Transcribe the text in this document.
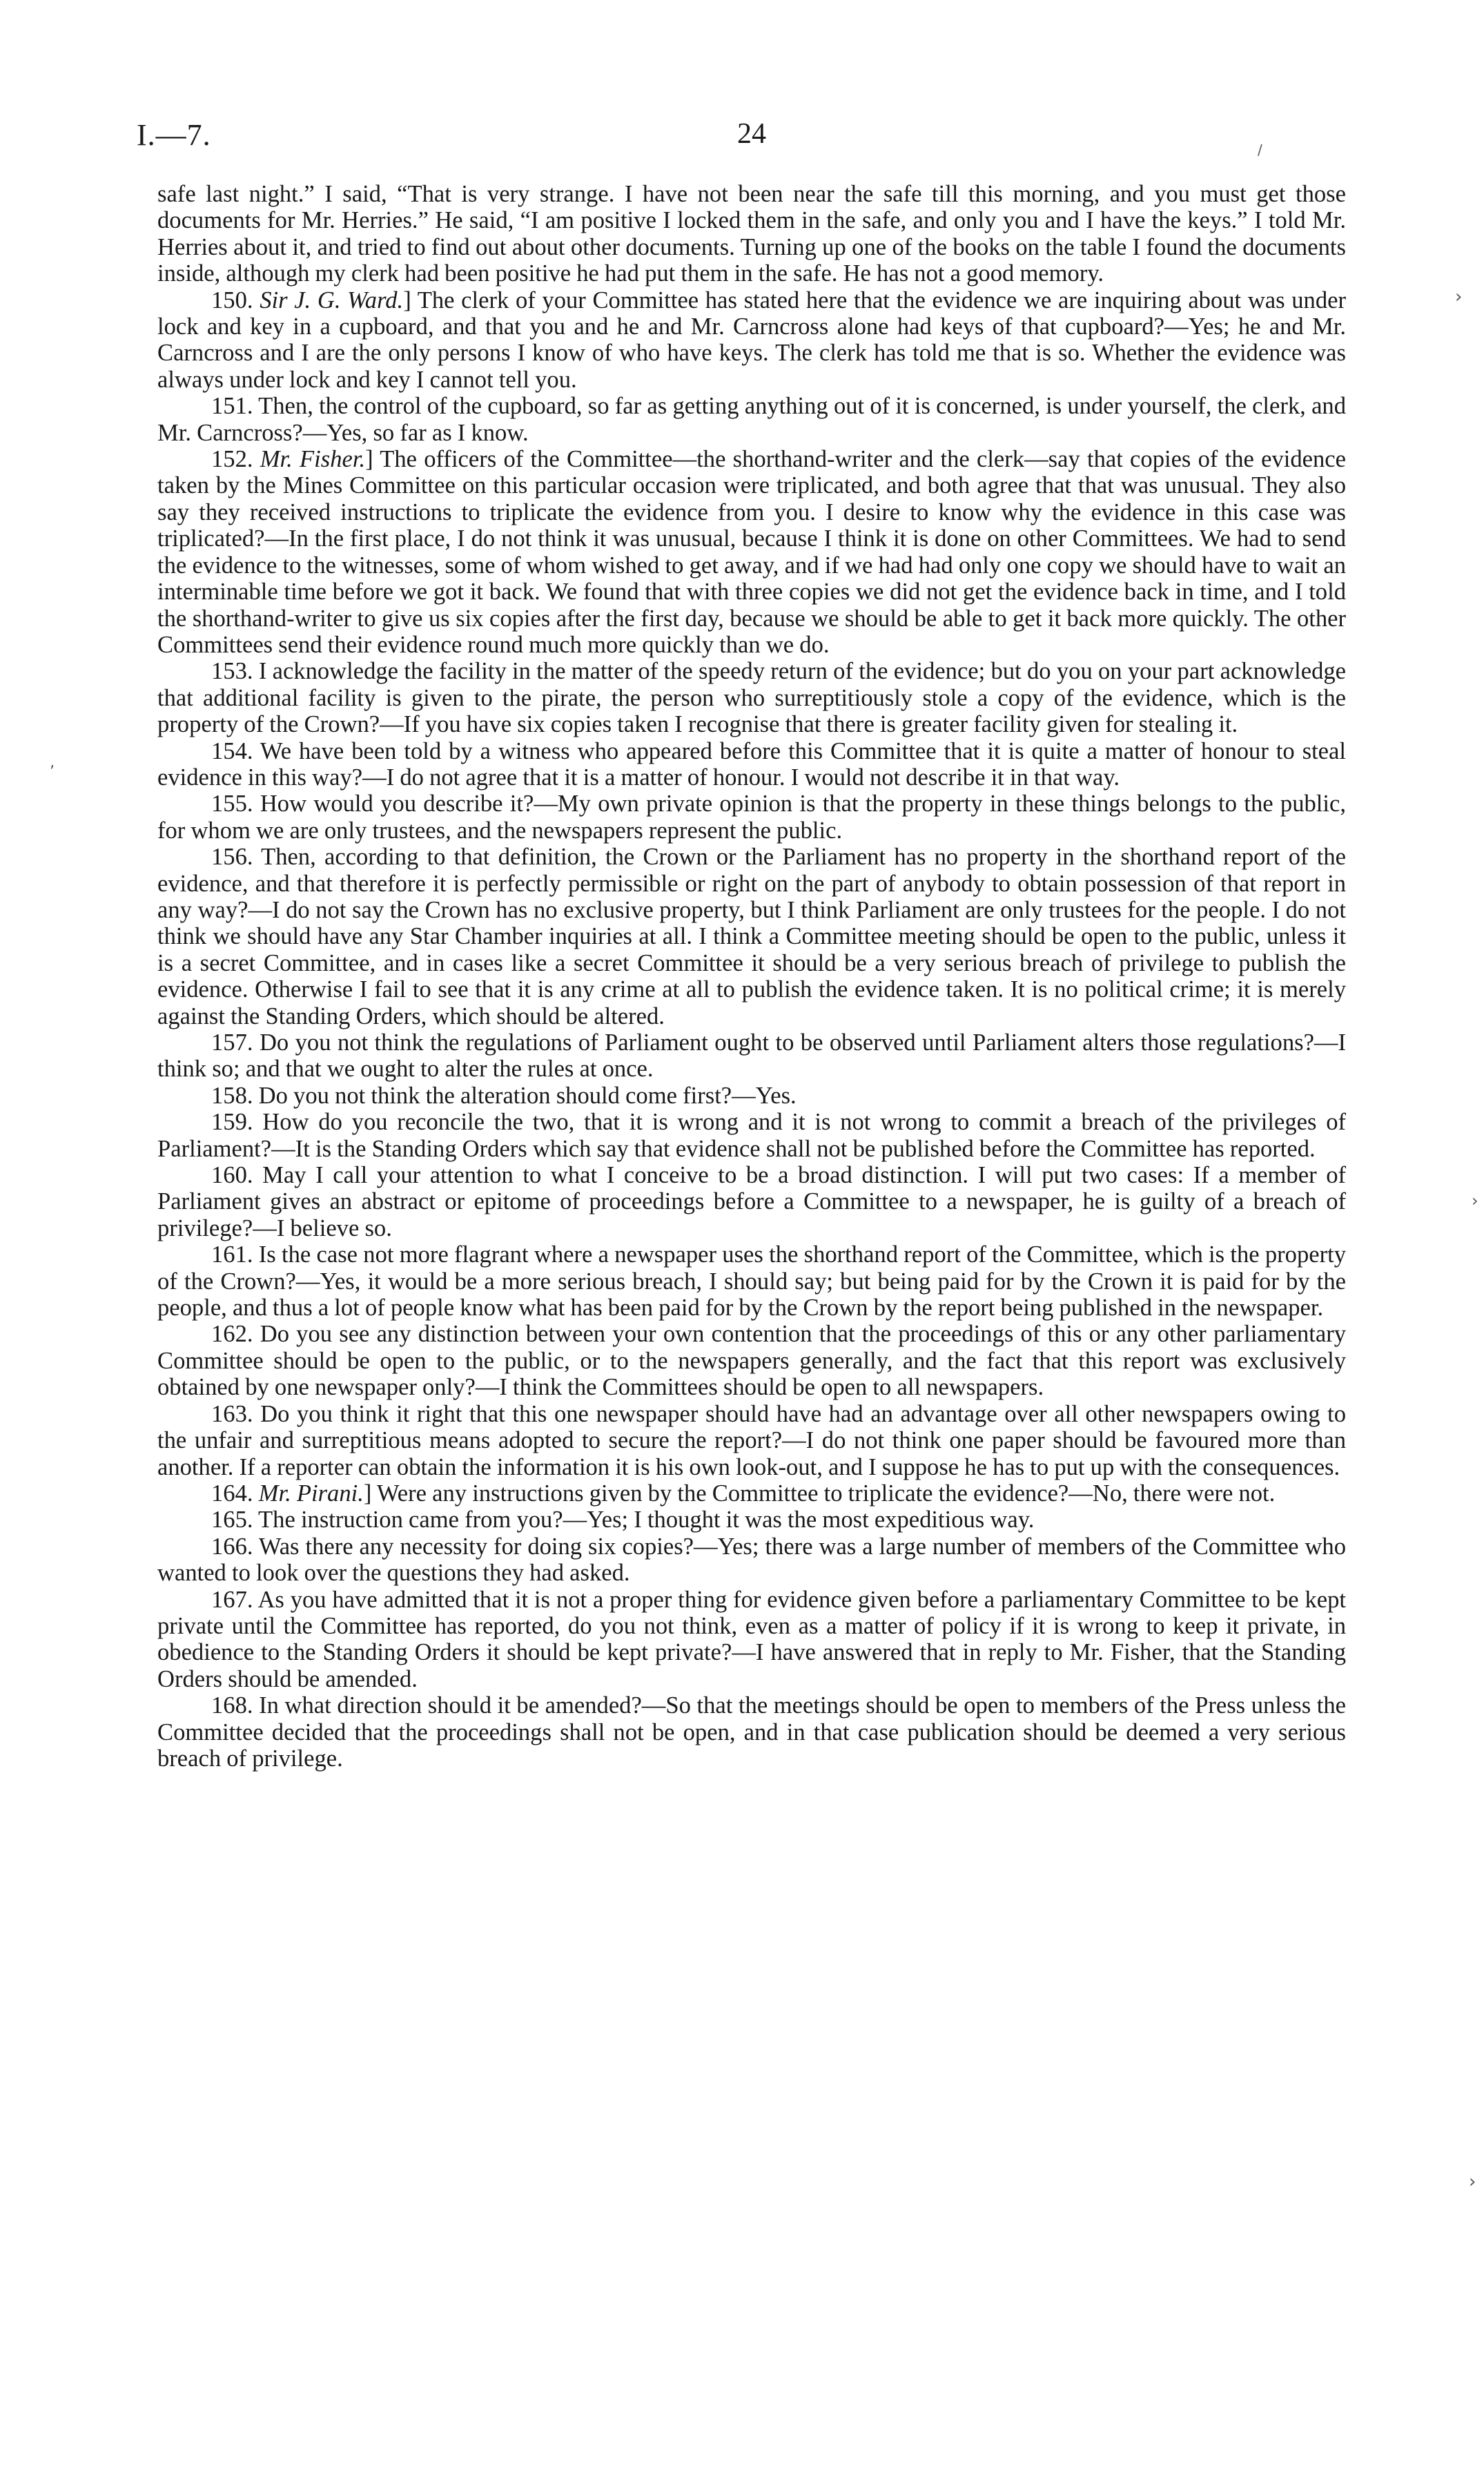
I.—7.	24	/
›
‚
›
›

safe last night.” I said, “That is very strange. I have not been near the safe till this morning, and you must get those documents for Mr. Herries.” He said, “I am positive I locked them in the safe, and only you and I have the keys.” I told Mr. Herries about it, and tried to find out about other documents. Turning up one of the books on the table I found the documents inside, although my clerk had been positive he had put them in the safe. He has not a good memory.

150. Sir J. G. Ward.] The clerk of your Committee has stated here that the evidence we are inquiring about was under lock and key in a cupboard, and that you and he and Mr. Carncross alone had keys of that cupboard?—Yes; he and Mr. Carncross and I are the only persons I know of who have keys. The clerk has told me that is so. Whether the evidence was always under lock and key I cannot tell you.

151. Then, the control of the cupboard, so far as getting anything out of it is concerned, is under yourself, the clerk, and Mr. Carncross?—Yes, so far as I know.

152. Mr. Fisher.] The officers of the Committee—the shorthand-writer and the clerk—say that copies of the evidence taken by the Mines Committee on this particular occasion were triplicated, and both agree that that was unusual. They also say they received instructions to triplicate the evidence from you. I desire to know why the evidence in this case was triplicated?—In the first place, I do not think it was unusual, because I think it is done on other Committees. We had to send the evidence to the witnesses, some of whom wished to get away, and if we had had only one copy we should have to wait an interminable time before we got it back. We found that with three copies we did not get the evidence back in time, and I told the shorthand-writer to give us six copies after the first day, because we should be able to get it back more quickly. The other Committees send their evidence round much more quickly than we do.

153. I acknowledge the facility in the matter of the speedy return of the evidence; but do you on your part acknowledge that additional facility is given to the pirate, the person who surreptitiously stole a copy of the evidence, which is the property of the Crown?—If you have six copies taken I recognise that there is greater facility given for stealing it.

154. We have been told by a witness who appeared before this Committee that it is quite a matter of honour to steal evidence in this way?—I do not agree that it is a matter of honour. I would not describe it in that way.

155. How would you describe it?—My own private opinion is that the property in these things belongs to the public, for whom we are only trustees, and the newspapers represent the public.

156. Then, according to that definition, the Crown or the Parliament has no property in the shorthand report of the evidence, and that therefore it is perfectly permissible or right on the part of anybody to obtain possession of that report in any way?—I do not say the Crown has no exclusive property, but I think Parliament are only trustees for the people. I do not think we should have any Star Chamber inquiries at all. I think a Committee meeting should be open to the public, unless it is a secret Committee, and in cases like a secret Committee it should be a very serious breach of privilege to publish the evidence. Otherwise I fail to see that it is any crime at all to publish the evidence taken. It is no political crime; it is merely against the Standing Orders, which should be altered.

157. Do you not think the regulations of Parliament ought to be observed until Parliament alters those regulations?—I think so; and that we ought to alter the rules at once.

158. Do you not think the alteration should come first?—Yes.

159. How do you reconcile the two, that it is wrong and it is not wrong to commit a breach of the privileges of Parliament?—It is the Standing Orders which say that evidence shall not be published before the Committee has reported.

160. May I call your attention to what I conceive to be a broad distinction. I will put two cases: If a member of Parliament gives an abstract or epitome of proceedings before a Committee to a newspaper, he is guilty of a breach of privilege?—I believe so.

161. Is the case not more flagrant where a newspaper uses the shorthand report of the Committee, which is the property of the Crown?—Yes, it would be a more serious breach, I should say; but being paid for by the Crown it is paid for by the people, and thus a lot of people know what has been paid for by the Crown by the report being published in the newspaper.

162. Do you see any distinction between your own contention that the proceedings of this or any other parliamentary Committee should be open to the public, or to the newspapers generally, and the fact that this report was exclusively obtained by one newspaper only?—I think the Committees should be open to all newspapers.

163. Do you think it right that this one newspaper should have had an advantage over all other newspapers owing to the unfair and surreptitious means adopted to secure the report?—I do not think one paper should be favoured more than another. If a reporter can obtain the information it is his own look-out, and I suppose he has to put up with the consequences.

164. Mr. Pirani.] Were any instructions given by the Committee to triplicate the evidence?—No, there were not.

165. The instruction came from you?—Yes; I thought it was the most expeditious way.

166. Was there any necessity for doing six copies?—Yes; there was a large number of members of the Committee who wanted to look over the questions they had asked.

167. As you have admitted that it is not a proper thing for evidence given before a parliamentary Committee to be kept private until the Committee has reported, do you not think, even as a matter of policy if it is wrong to keep it private, in obedience to the Standing Orders it should be kept private?—I have answered that in reply to Mr. Fisher, that the Standing Orders should be amended.

168. In what direction should it be amended?—So that the meetings should be open to members of the Press unless the Committee decided that the proceedings shall not be open, and in that case publication should be deemed a very serious breach of privilege.
